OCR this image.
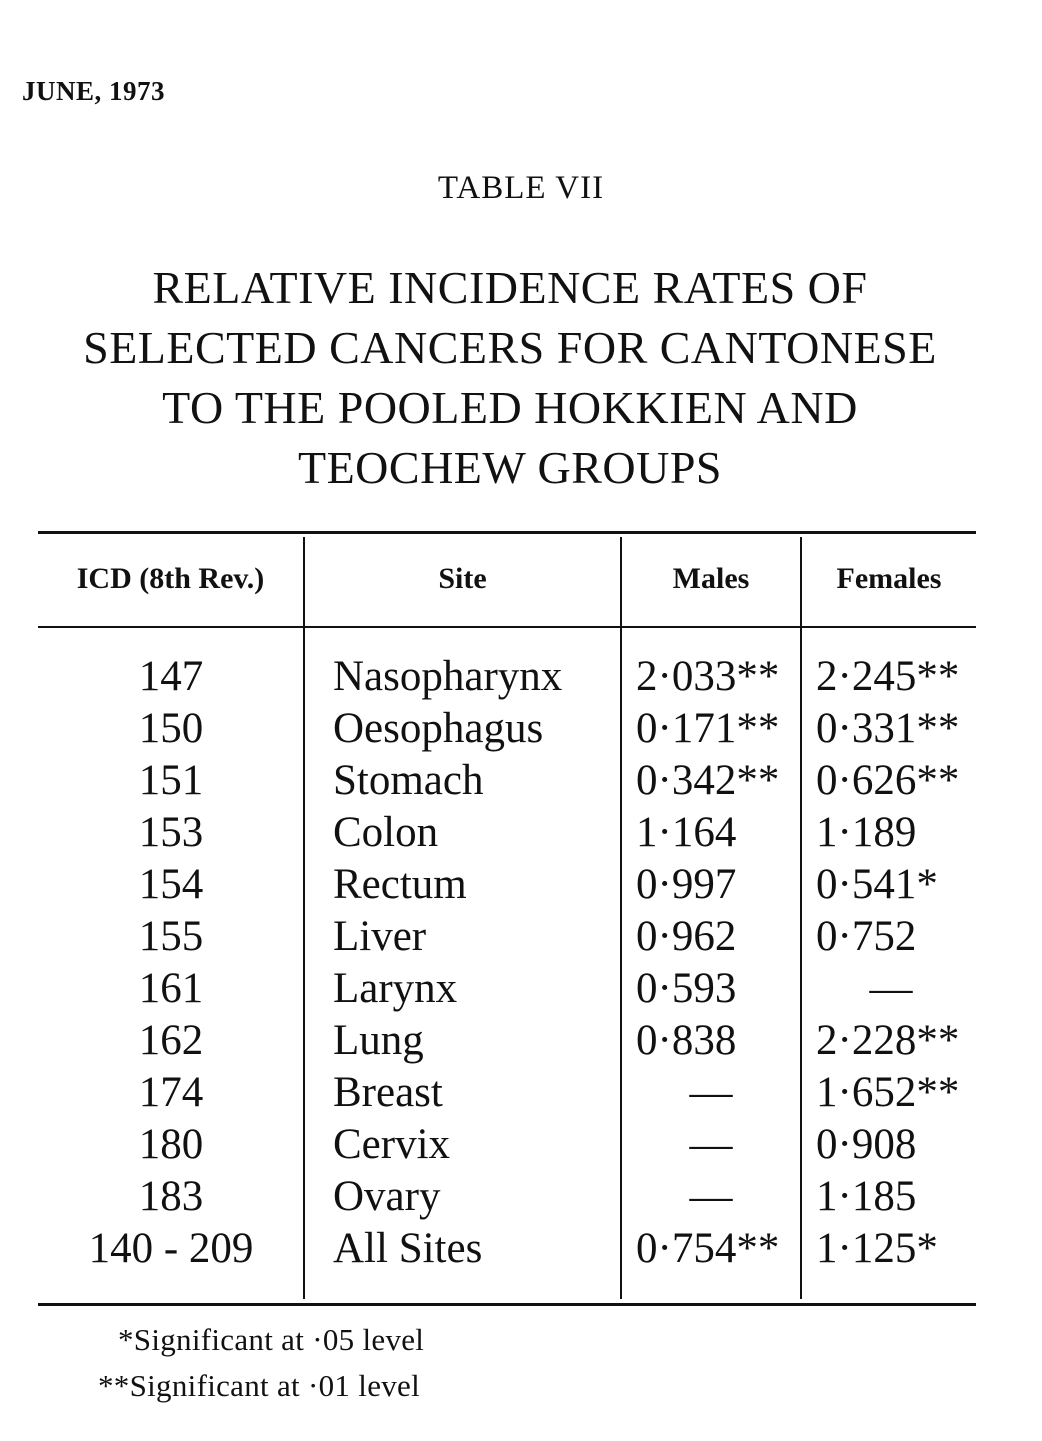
JUNE, 1973
TABLE VII
RELATIVE INCIDENCE RATES OF
SELECTED CANCERS FOR CANTONESE
TO THE POOLED HOKKIEN AND
TEOCHEW GROUPS
ICD (8th Rev.)	Site	Males	Females
147	Nasopharynx 2·033** 2·245**
150	Oesophagus 0·171** 0·331**
151	Stomach	0·342** 0·626**
153	Colon	1·164 1·189
154	Rectum	0·997 0·541*
155	Liver	0·962 0·752
161	Larynx	0·593	—
162	Lung	0·838 2·228**
174	Breast	—	1·652**
180	Cervix	—	0·908
183	Ovary	—	1·185
140 - 209	All Sites	0·754** 1·125*
*Significant at ·05 level
**Significant at ·01 level
